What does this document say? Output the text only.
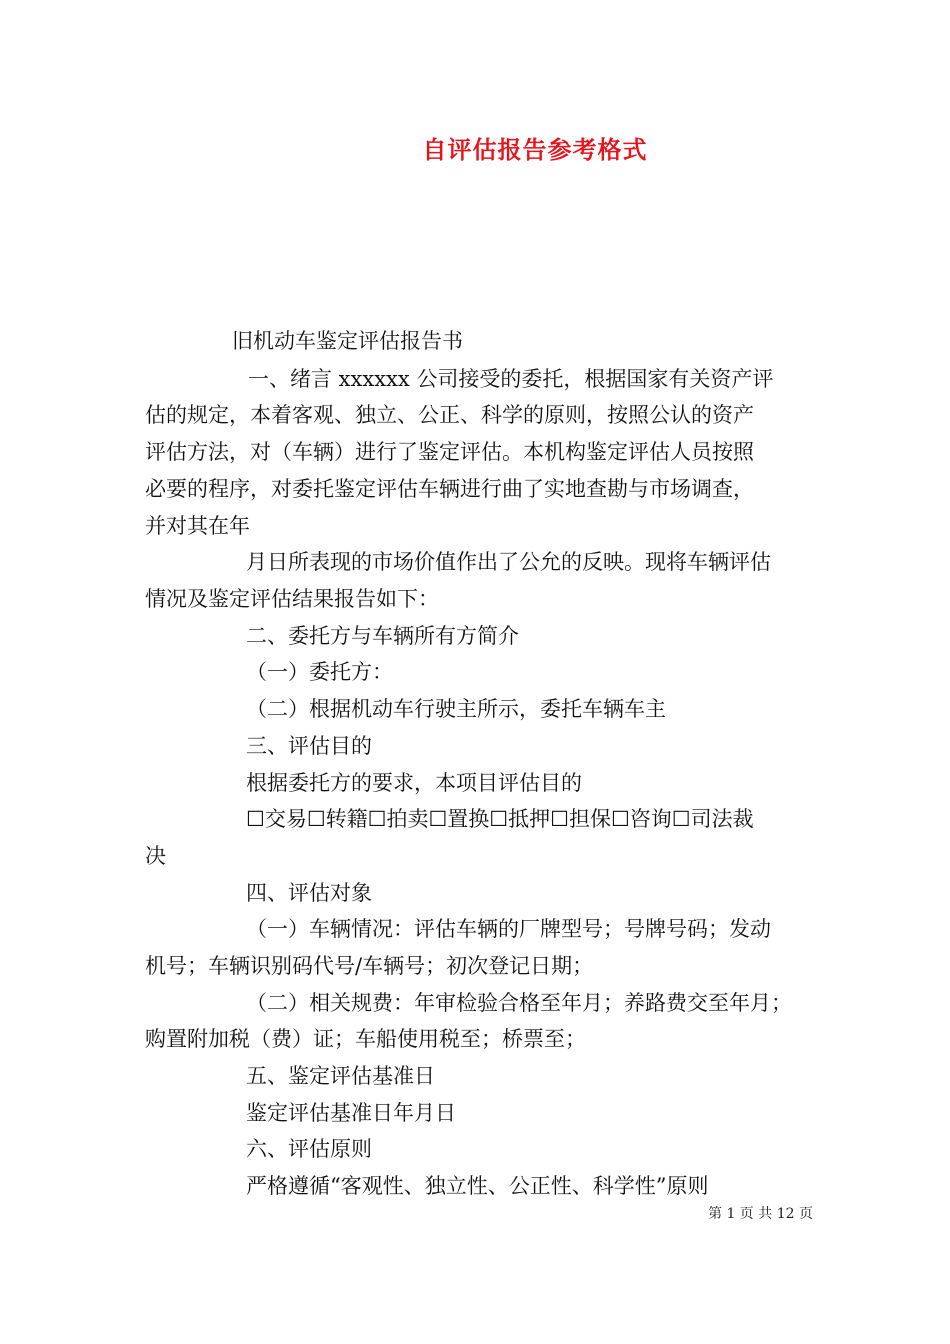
自评估报告参考格式
旧机动车鉴定评估报告书
一、绪言 xxxxxx 公司接受的委托，根据国家有关资产评
估的规定，本着客观、独立、公正、科学的原则，按照公认的资产
评估方法，对（车辆）进行了鉴定评估。本机构鉴定评估人员按照
必要的程序，对委托鉴定评估车辆进行曲了实地查勘与市场调查，
并对其在年
月日所表现的市场价值作出了公允的反映。现将车辆评估
情况及鉴定评估结果报告如下：
二、委托方与车辆所有方简介
（一）委托方：
（二）根据机动车行驶主所示，委托车辆车主
三、评估目的
根据委托方的要求，本项目评估目的
☐交易☐转籍☐拍卖☐置换☐抵押☐担保☐咨询☐司法裁
决
四、评估对象
（一）车辆情况：评估车辆的厂牌型号；号牌号码；发动
机号；车辆识别码代号/车辆号；初次登记日期；
（二）相关规费：年审检验合格至年月；养路费交至年月；
购置附加税（费）证；车船使用税至；桥票至；
五、鉴定评估基准日
鉴定评估基准日年月日
六、评估原则
严格遵循“客观性、独立性、公正性、科学性”原则
第 1 页 共 12 页
